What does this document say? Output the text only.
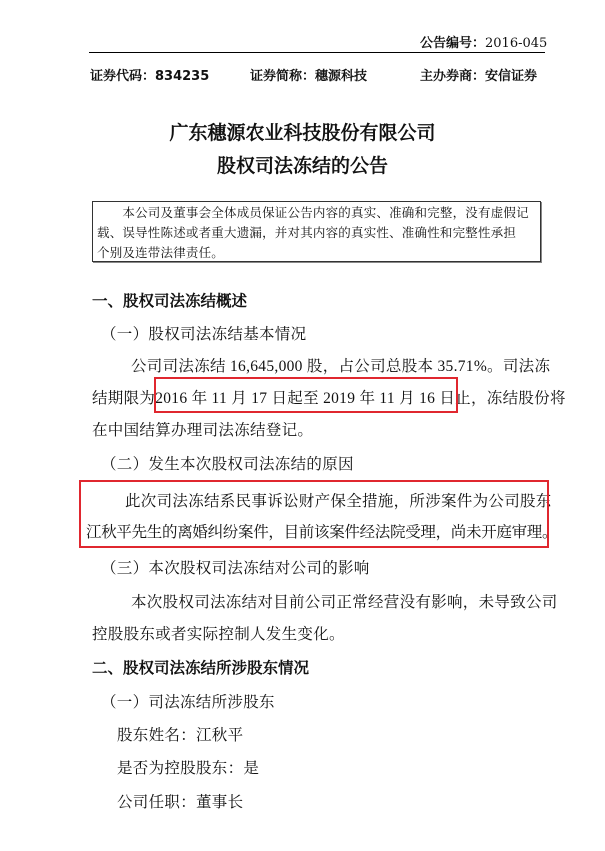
公告编号：2016-045
证券代码：834235	证券简称：穗源科技	主办券商：安信证券
广东穗源农业科技股份有限公司
股权司法冻结的公告
　　本公司及董事会全体成员保证公告内容的真实、准确和完整，没有虚假记
载、误导性陈述或者重大遗漏，并对其内容的真实性、准确性和完整性承担
个别及连带法律责任。
一、股权司法冻结概述
（一）股权司法冻结基本情况
公司司法冻结 16,645,000 股，占公司总股本 35.71%。司法冻
结期限为2016 年 11 月 17 日起至 2019 年 11 月 16 日止，冻结股份将
在中国结算办理司法冻结登记。
（二）发生本次股权司法冻结的原因
此次司法冻结系民事诉讼财产保全措施，所涉案件为公司股东
江秋平先生的离婚纠纷案件，目前该案件经法院受理，尚未开庭审理。
（三）本次股权司法冻结对公司的影响
本次股权司法冻结对目前公司正常经营没有影响，未导致公司
控股股东或者实际控制人发生变化。
二、股权司法冻结所涉股东情况
（一）司法冻结所涉股东
股东姓名：江秋平
是否为控股股东：是
公司任职：董事长
